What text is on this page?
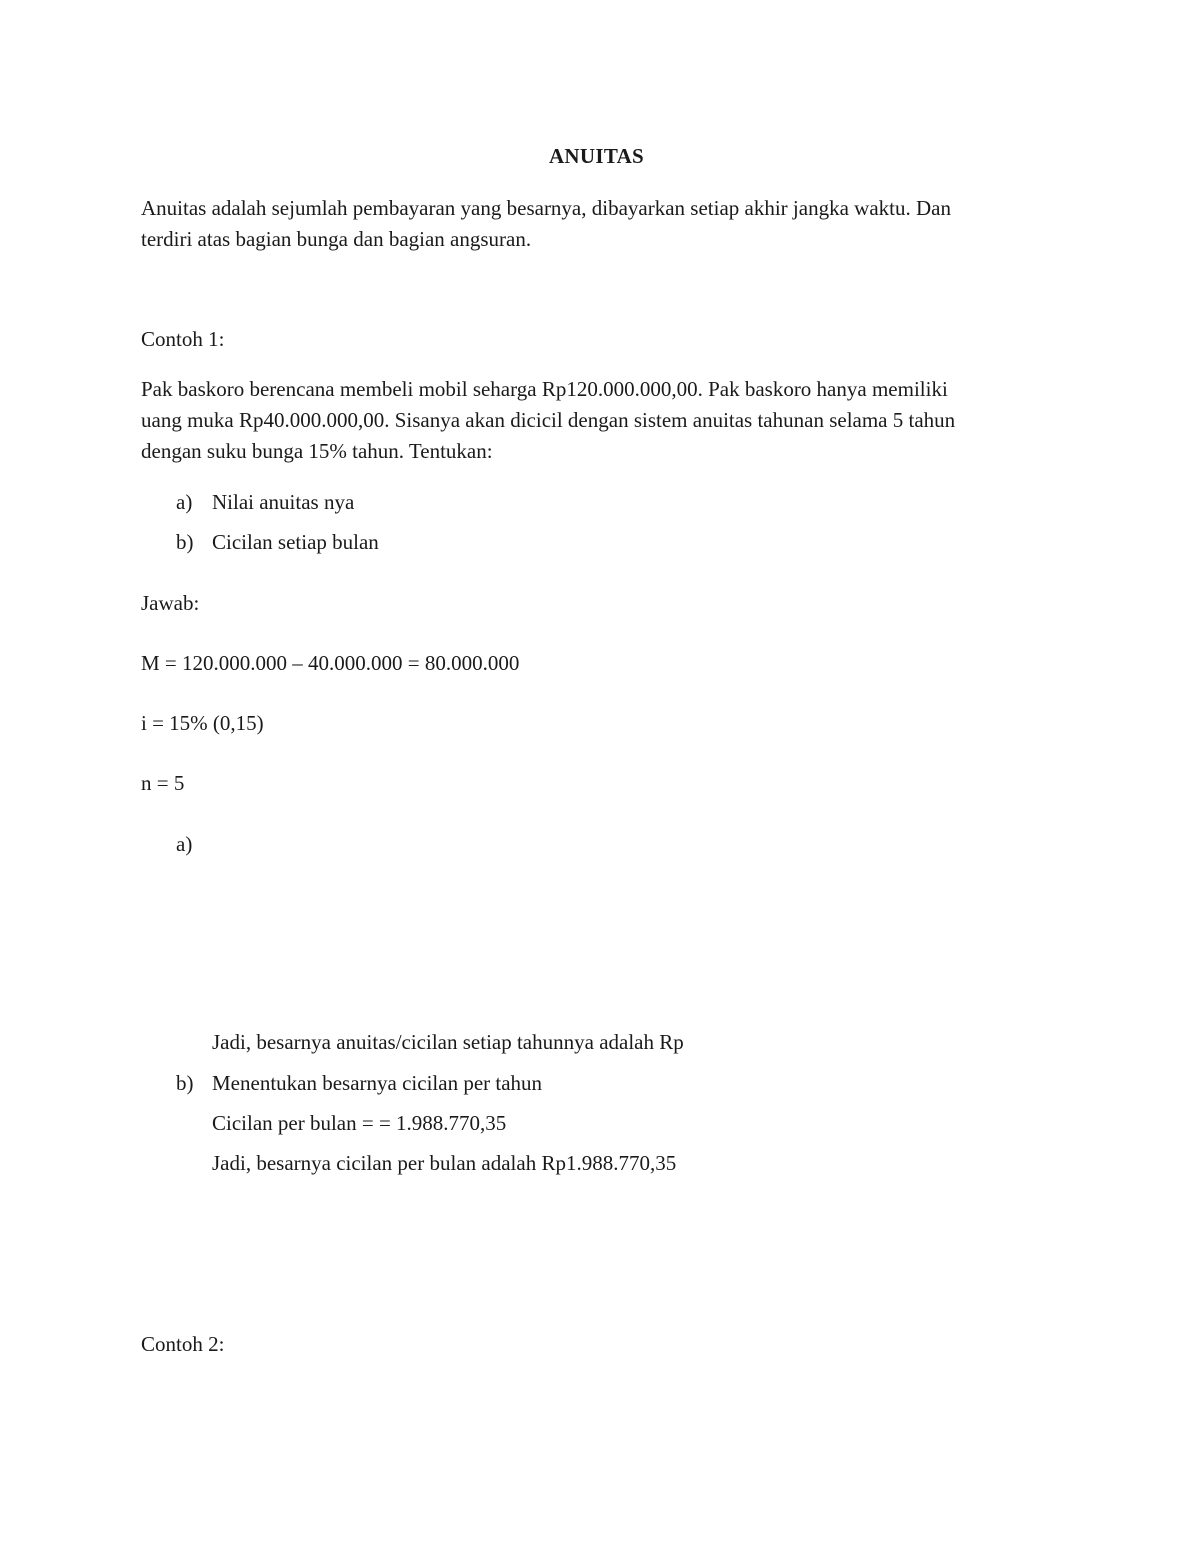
ANUITAS
Anuitas adalah sejumlah pembayaran yang besarnya, dibayarkan setiap akhir jangka waktu. Dan
terdiri atas bagian bunga dan bagian angsuran.
Contoh 1:
Pak baskoro berencana membeli mobil seharga Rp120.000.000,00. Pak baskoro hanya memiliki
uang muka Rp40.000.000,00. Sisanya akan dicicil dengan sistem anuitas tahunan selama 5 tahun
dengan suku bunga 15% tahun. Tentukan:
a) Nilai anuitas nya
b) Cicilan setiap bulan
Jawab:
M = 120.000.000 – 40.000.000 = 80.000.000
i = 15% (0,15)
n = 5
a)
Jadi, besarnya anuitas/cicilan setiap tahunnya adalah Rp
b) Menentukan besarnya cicilan per tahun
Cicilan per bulan = = 1.988.770,35
Jadi, besarnya cicilan per bulan adalah Rp1.988.770,35
Contoh 2:
